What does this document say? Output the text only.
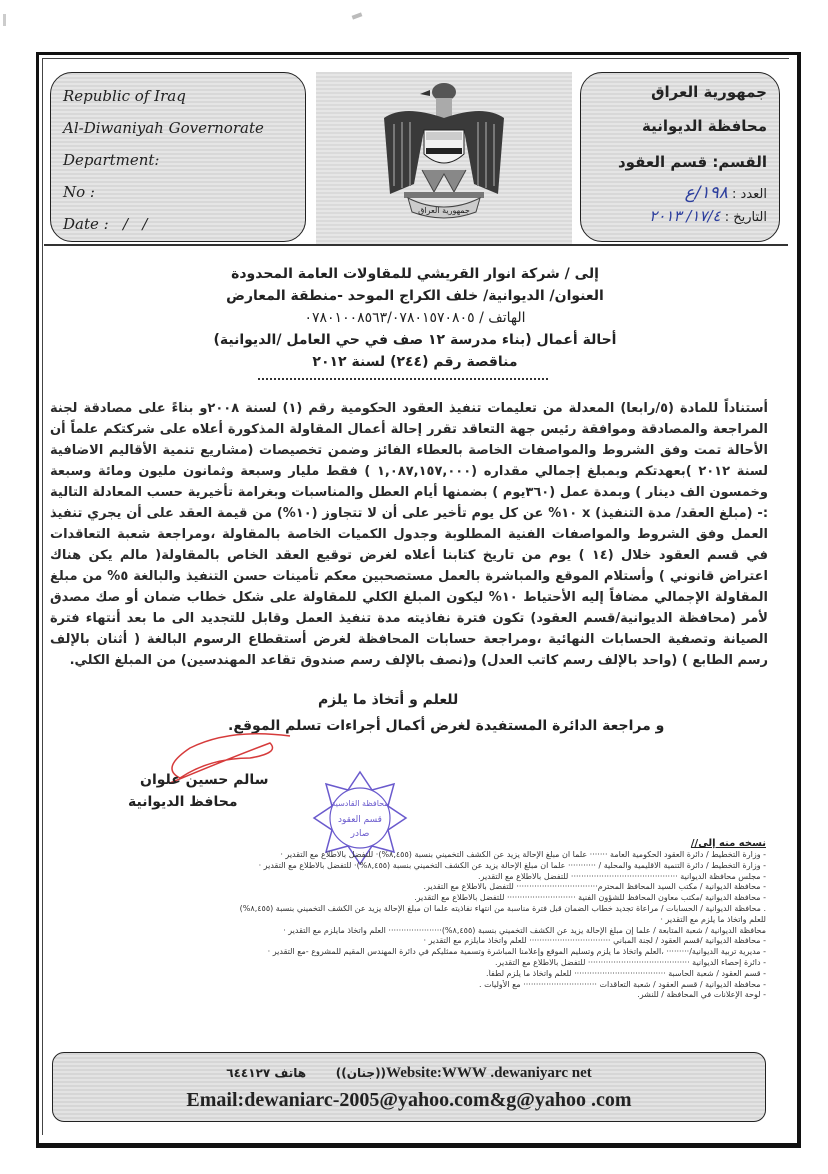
Republic of Iraq
Al-Diwaniyah Governorate
Department:
No :
Date :   /   /
جمهورية العراق
جمهورية العراق
محافظة الديوانية
القسم: قسم العقود
العدد : ١٩٨/ع
التاريخ : ١٧/٤/ ٢٠١٣
إلى / شركة انوار القريشي للمقاولات العامة المحدودة
العنوان/ الديوانية/ خلف الكراج الموحد -منطقة المعارض
الهاتف / ٠٧٨٠١٠٠٨٥٦٣/٠٧٨٠١٥٧٠٨٠٥
أحالة أعمال (بناء مدرسة ١٢ صف في حي العامل /الديوانية)
مناقصة رقم (٢٤٤) لسنة ٢٠١٢

أستناداً للمادة (٥/رابعا) المعدلة من تعليمات تنفيذ العقود الحكومية رقم (١) لسنة ٢٠٠٨و بناءً على مصادقة لجنة المراجعة والمصادقة وموافقة رئيس جهة التعاقد تقرر إحالة أعمال المقاولة المذكورة أعلاه على شركتكم علماً أن الأحالة تمت وفق الشروط والمواصفات الخاصة بالعطاء الفائز وضمن تخصيصات (مشاريع تنمية الأقاليم الاضافية لسنة ٢٠١٢ )بعهدتكم وبمبلغ إجمالي مقداره (١,٠٨٧,١٥٧,٠٠٠ ) فقط مليار وسبعة وثمانون مليون ومائة وسبعة وخمسون الف دينار ) وبمدة عمل (٣٦٠يوم ) بضمنها أيام العطل والمناسبات وبغرامة تأخيرية حسب المعادلة التالية :- (مبلغ العقد/ مدة التنفيذ) x ١٠% عن كل يوم تأخير على أن لا تتجاوز (١٠%) من قيمة العقد على أن يجري تنفيذ العمل وفق الشروط والمواصفات الفنية المطلوبة وجدول الكميات الخاصة بالمقاولة ،ومراجعة شعبة التعاقدات في قسم العقود خلال (١٤ ) يوم من تاريخ كتابنا أعلاه لغرض توقيع العقد الخاص بالمقاولة( مالم يكن هناك اعتراض قانوني ) وأستلام الموقع والمباشرة بالعمل مستصحبين معكم تأمينات حسن التنفيذ والبالغة ٥% من مبلغ المقاولة الإجمالي مضافاً إليه الأحتياط ١٠% ليكون المبلغ الكلي للمقاولة على شكل خطاب ضمان أو صك مصدق لأمر (محافظة الديوانية/قسم العقود) تكون فترة نفاذيته مدة تنفيذ العمل وقابل للتجديد الى ما بعد أنتهاء فترة الصيانة وتصفية الحسابات النهائية ،ومراجعة حسابات المحافظة لغرض أستقطاع الرسوم البالغة ( أثنان بالإلف رسم الطابع ) (واحد بالإلف رسم كاتب العدل) و(نصف بالإلف رسم صندوق تقاعد المهندسين) من المبلغ الكلي.

للعلم و أتخاذ ما يلزم
و مراجعة الدائرة المستفيدة لغرض أكمال أجراءات تسلم الموقع.
محافظة القادسية
قسم العقود
صادر
سالم حسين علوان
محافظ الديوانية
نسخه منه إلى//
- وزارة التخطيط / دائرة العقود الحكومية العامة ······· علما ان مبلغ الإحالة يزيد عن الكشف التخميني بنسبة (٨,٤٥٥%)· للتفضل بالاطلاع مع التقدير ·
- وزارة التخطيط / دائرة التنمية الاقليمية والمحلية / ··········· علما ان مبلغ الإحالة يزيد عن الكشف التخميني بنسبة (٨,٤٥٥%)· للتفضل بالاطلاع مع التقدير ·
- مجلس محافظة الديوانية ·········································· للتفضل بالاطلاع مع التقدير.
- محافظة الديوانية / مكتب السيد المحافظ المحترم································ للتفضل بالاطلاع مع التقدير.
- محافظة الديوانية /مكتب معاون المحافظ للشؤون الفنية ··························· للتفضل بالاطلاع مع التقدير.
. محافظة الديوانية / الحسابات / مراعاة تجديد خطاب الضمان قبل فترة مناسبة من انتهاء نفاذيته علما ان مبلغ الإحالة يزيد عن الكشف التخميني بنسبة (٨,٤٥٥%)
للعلم واتخاذ ما يلزم مع التقدير ·
محافظة الديوانية / شعبة المتابعة / علما إن مبلغ الإحالة يزيد عن الكشف التخميني بنسبة (٨,٤٥٥%)····················· العلم واتخاذ مايلزم مع التقدير ·
- محافظة الديوانية /قسم العقود / لجنة المباني ································ للعلم واتخاذ مايلزم مع التقدير ·
- مديرية تربية الديوانية/········· ،العلم واتخاذ ما يلزم وتسليم الموقع وإعلامنا المباشرة وتسمية ممثليكم في دائرة المهندس المقيم للمشروع -مع التقدير ·
- دائرة إحصاء الديوانية ········································ للتفضل بالاطلاع مع التقدير.
- قسم العقود / شعبة الحاسبة ···································· للعلم واتخاذ ما يلزم لطفاً.
- محافظة الديوانية / قسم العقود / شعبة التعاقدات ····························· مع الأوليات .
- لوحة الإعلانات في المحافظة / للنشر.
هاتف ٦٤٤١٢٧ ((جنان))Website:WWW .dewaniyarc net
Email:dewaniarc-2005@yahoo.com&g@yahoo .com
